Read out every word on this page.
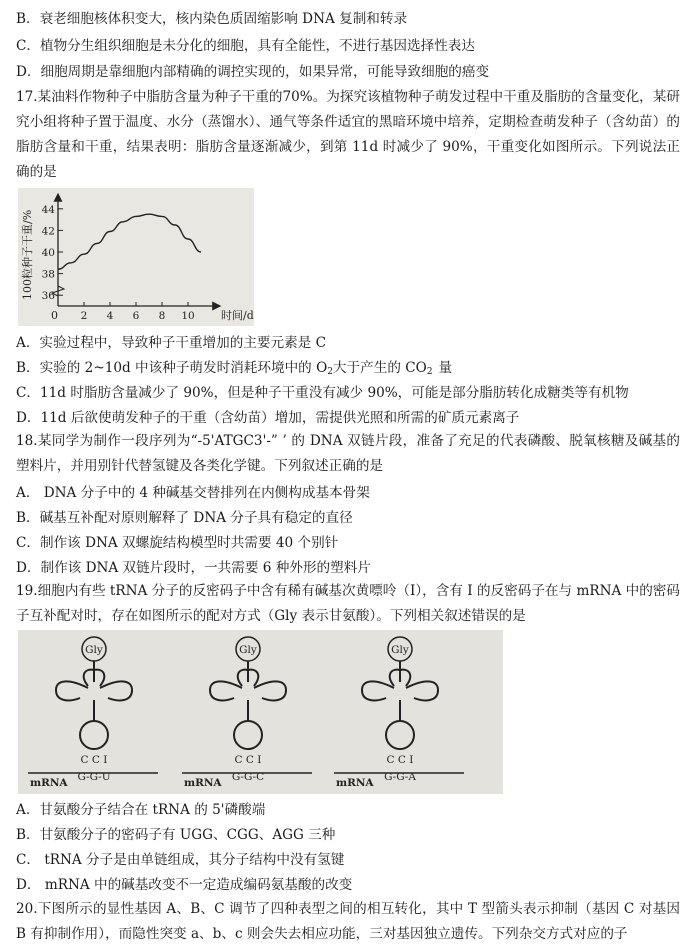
B．衰老细胞核体积变大，核内染色质固缩影响 DNA 复制和转录
C．植物分生组织细胞是未分化的细胞，具有全能性，不进行基因选择性表达
D．细胞周期是靠细胞内部精确的调控实现的，如果异常，可能导致细胞的癌变
17.某油料作物种子中脂肪含量为种子干重的70%。为探究该植物种子萌发过程中干重及脂肪的含量变化，某研究小组将种子置于温度、水分（蒸馏水）、通气等条件适宜的黑暗环境中培养，定期检查萌发种子（含幼苗）的脂肪含量和干重，结果表明：脂肪含量逐渐减少，到第 11d 时减少了 90%，干重变化如图所示。下列说法正确的是
100粒种子干重/%
时间/d
0
36
38
40
42
44
2 4 6 8 10
A．实验过程中，导致种子干重增加的主要元素是 C
B．实验的 2~10d 中该种子萌发时消耗环境中的 $O_2$大于产生的 $CO_2$ 量
C．11d 时脂肪含量减少了 90%，但是种子干重没有减少 90%，可能是部分脂肪转化成糖类等有机物
D．11d 后欲使萌发种子的干重（含幼苗）增加，需提供光照和所需的矿质元素离子
18.某同学为制作一段序列为“-5'ATGC3'-” ’ 的 DNA 双链片段，准备了充足的代表磷酸、脱氧核糖及碱基的塑料片，并用别针代替氢键及各类化学键。下列叙述正确的是
A． DNA 分子中的 4 种碱基交替排列在内侧构成基本骨架
B．碱基互补配对原则解释了 DNA 分子具有稳定的直径
C．制作该 DNA 双螺旋结构模型时共需要 40 个别针
D．制作该 DNA 双链片段时，一共需要 6 种外形的塑料片
19.细胞内有些 tRNA 分子的反密码子中含有稀有碱基次黄嘌呤（I），含有 I 的反密码子在与 mRNA 中的密码子互补配对时，存在如图所示的配对方式（Gly 表示甘氨酸）。下列相关叙述错误的是
Gly
C C I
G-G-U
mRNA
Gly
C C I
G-G-C
mRNA
Gly
C C I
G-G-A
mRNA
A．甘氨酸分子结合在 tRNA 的 5'磷酸端
B．甘氨酸分子的密码子有 UGG、CGG、AGG 三种
C． tRNA 分子是由单链组成，其分子结构中没有氢键
D． mRNA 中的碱基改变不一定造成编码氨基酸的改变
20.下图所示的显性基因 A、B、C 调节了四种表型之间的相互转化，其中 T 型箭头表示抑制（基因 C 对基因 B 有抑制作用），而隐性突变 a、b、c 则会失去相应功能，三对基因独立遗传。下列杂交方式对应的子
